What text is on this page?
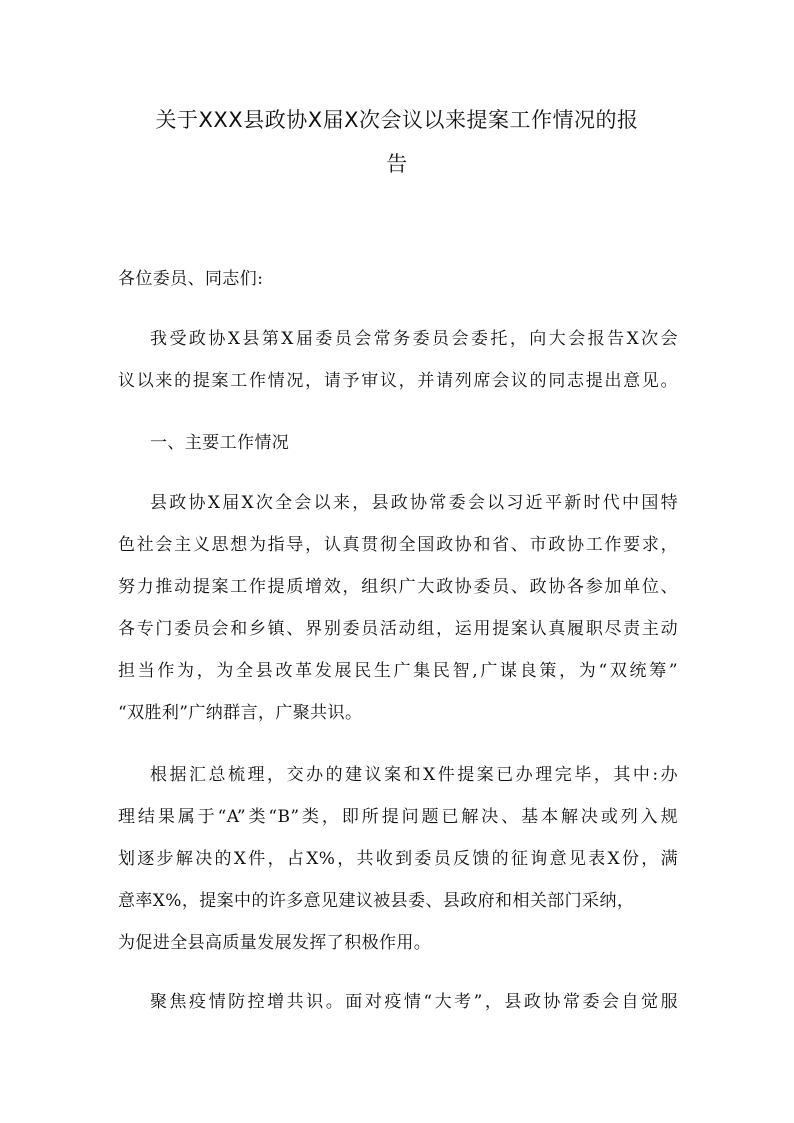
关于XXX县政协X届X次会议以来提案工作情况的报
告
各位委员、同志们:
我受政协X县第X届委员会常务委员会委托，向大会报告X次会
议以来的提案工作情况，请予审议，并请列席会议的同志提出意见。
一、主要工作情况
县政协X届X次全会以来，县政协常委会以习近平新时代中国特
色社会主义思想为指导，认真贯彻全国政协和省、市政协工作要求，
努力推动提案工作提质增效，组织广大政协委员、政协各参加单位、
各专门委员会和乡镇、界别委员活动组，运用提案认真履职尽责主动
担当作为，为全县改革发展民生广集民智,广谋良策，为“双统筹”
“双胜利”广纳群言，广聚共识。
根据汇总梳理，交办的建议案和X件提案已办理完毕，其中:办
理结果属于“A”类“B”类，即所提问题已解决、基本解决或列入规
划逐步解决的X件，占X%，共收到委员反馈的征询意见表X份，满
意率X%，提案中的许多意见建议被县委、县政府和相关部门采纳，
为促进全县高质量发展发挥了积极作用。
聚焦疫情防控增共识。面对疫情“大考”，县政协常委会自觉服
